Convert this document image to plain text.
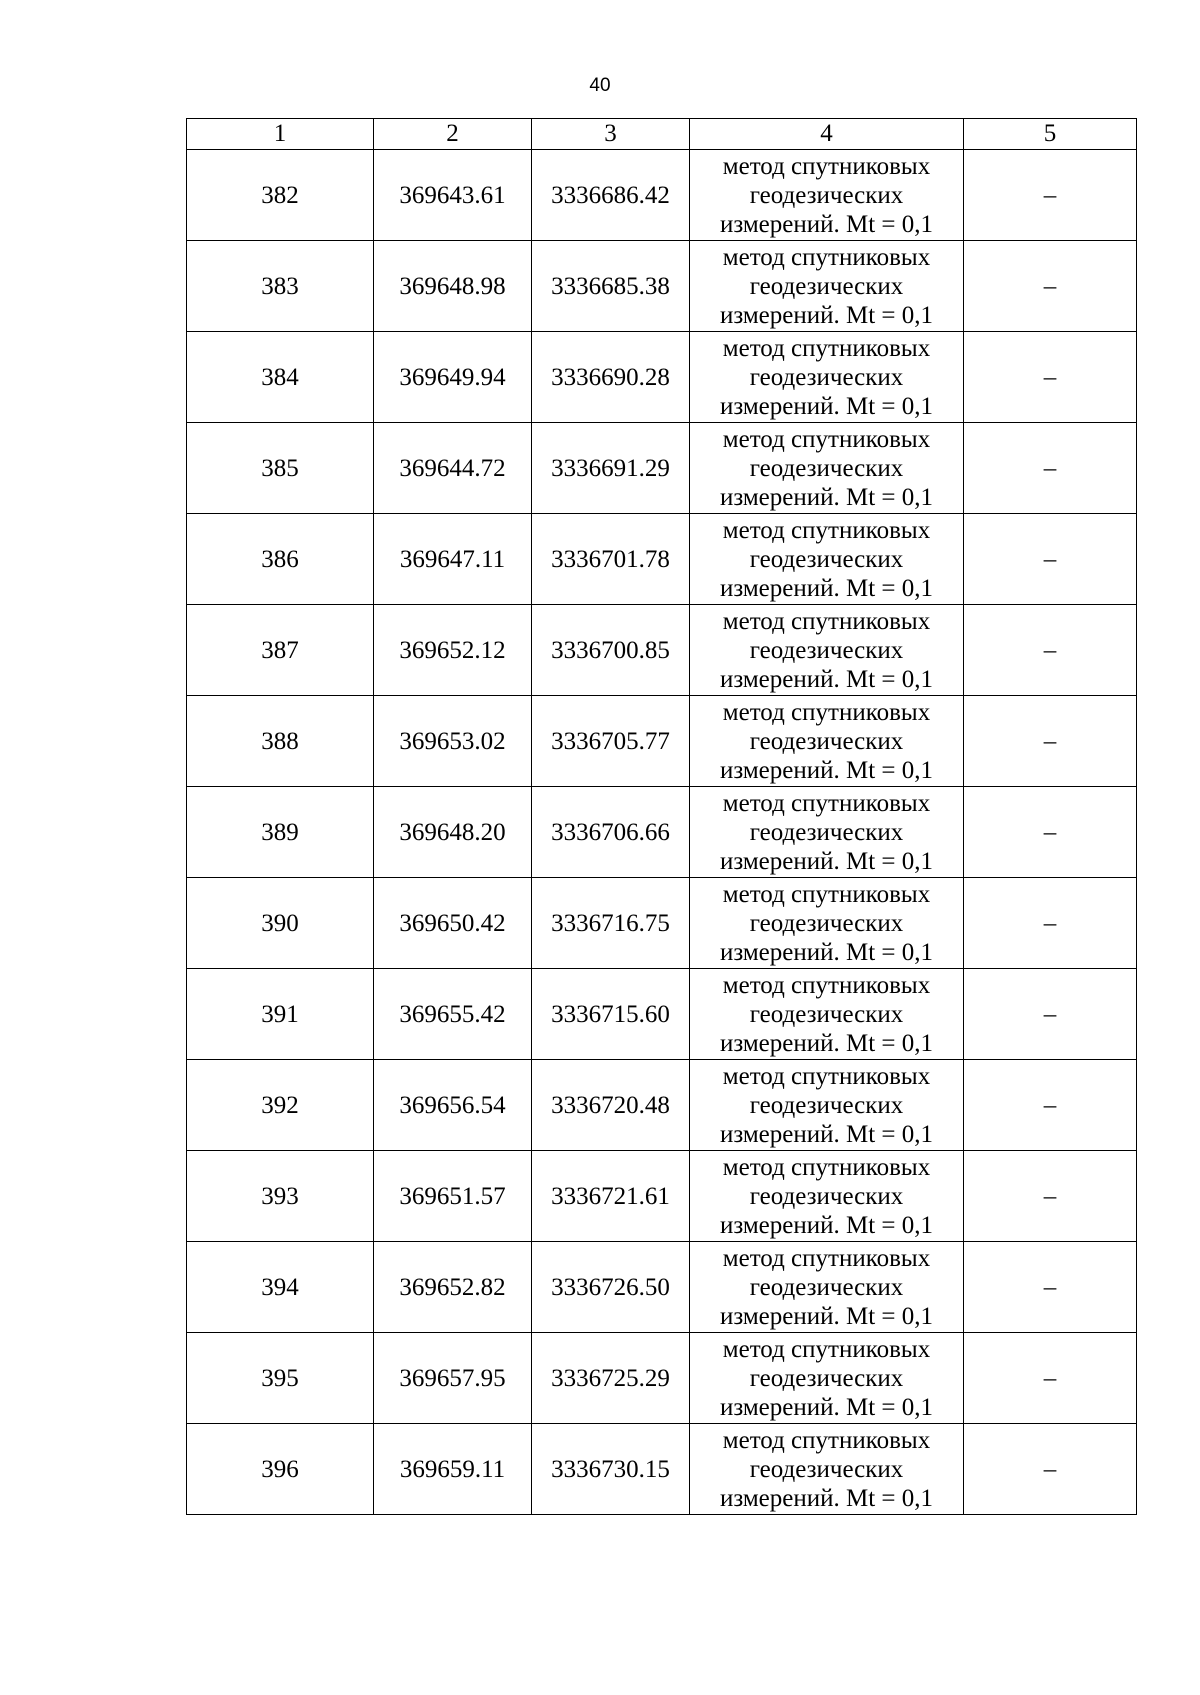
40
1	2	3	4	5
382	369643.61	3336686.42	метод спутниковых
геодезических
измерений. Mt = 0,1	–
383	369648.98	3336685.38	метод спутниковых
геодезических
измерений. Mt = 0,1	–
384	369649.94	3336690.28	метод спутниковых
геодезических
измерений. Mt = 0,1	–
385	369644.72	3336691.29	метод спутниковых
геодезических
измерений. Mt = 0,1	–
386	369647.11	3336701.78	метод спутниковых
геодезических
измерений. Mt = 0,1	–
387	369652.12	3336700.85	метод спутниковых
геодезических
измерений. Mt = 0,1	–
388	369653.02	3336705.77	метод спутниковых
геодезических
измерений. Mt = 0,1	–
389	369648.20	3336706.66	метод спутниковых
геодезических
измерений. Mt = 0,1	–
390	369650.42	3336716.75	метод спутниковых
геодезических
измерений. Mt = 0,1	–
391	369655.42	3336715.60	метод спутниковых
геодезических
измерений. Mt = 0,1	–
392	369656.54	3336720.48	метод спутниковых
геодезических
измерений. Mt = 0,1	–
393	369651.57	3336721.61	метод спутниковых
геодезических
измерений. Mt = 0,1	–
394	369652.82	3336726.50	метод спутниковых
геодезических
измерений. Mt = 0,1	–
395	369657.95	3336725.29	метод спутниковых
геодезических
измерений. Mt = 0,1	–
396	369659.11	3336730.15	метод спутниковых
геодезических
измерений. Mt = 0,1	–
